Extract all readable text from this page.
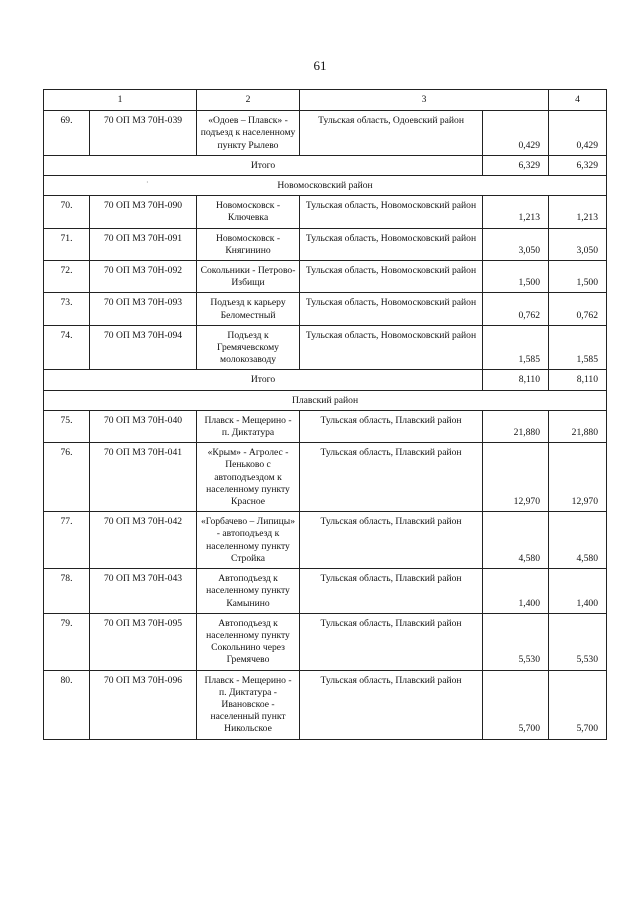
61
1		2	3		4
69.	70 ОП МЗ 70Н-039	«Одоев – Плавск» - подъезд к населенному пункту Рылево	Тульская область, Одоевский район	0,429	0,429
Итого				6,329	6,329
Новомосковский район					
70.	70 ОП МЗ 70Н-090	Новомосковск - Ключевка	Тульская область, Новомосковский район	1,213	1,213
71.	70 ОП МЗ 70Н-091	Новомосковск - Княгинино	Тульская область, Новомосковский район	3,050	3,050
72.	70 ОП МЗ 70Н-092	Сокольники - Петрово-Избищи	Тульская область, Новомосковский район	1,500	1,500
73.	70 ОП МЗ 70Н-093	Подъезд к карьеру Беломестный	Тульская область, Новомосковский район	0,762	0,762
74.	70 ОП МЗ 70Н-094	Подъезд к Гремячевскому молокозаводу	Тульская область, Новомосковский район	1,585	1,585
Итого				8,110	8,110
Плавский район					
75.	70 ОП МЗ 70Н-040	Плавск - Мещерино - п. Диктатура	Тульская область, Плавский район	21,880	21,880
76.	70 ОП МЗ 70Н-041	«Крым» - Агролес - Пеньково с автоподъездом к населенному пункту Красное	Тульская область, Плавский район	12,970	12,970
77.	70 ОП МЗ 70Н-042	«Горбачево – Липицы» - автоподъезд к населенному пункту Стройка	Тульская область, Плавский район	4,580	4,580
78.	70 ОП МЗ 70Н-043	Автоподъезд к населенному пункту Камынино	Тульская область, Плавский район	1,400	1,400
79.	70 ОП МЗ 70Н-095	Автоподъезд к населенному пункту Сокольнино через Гремячево	Тульская область, Плавский район	5,530	5,530
80.	70 ОП МЗ 70Н-096	Плавск - Мещерино - п. Диктатура - Ивановское - населенный пункт Никольское	Тульская область, Плавский район	5,700	5,700
·
